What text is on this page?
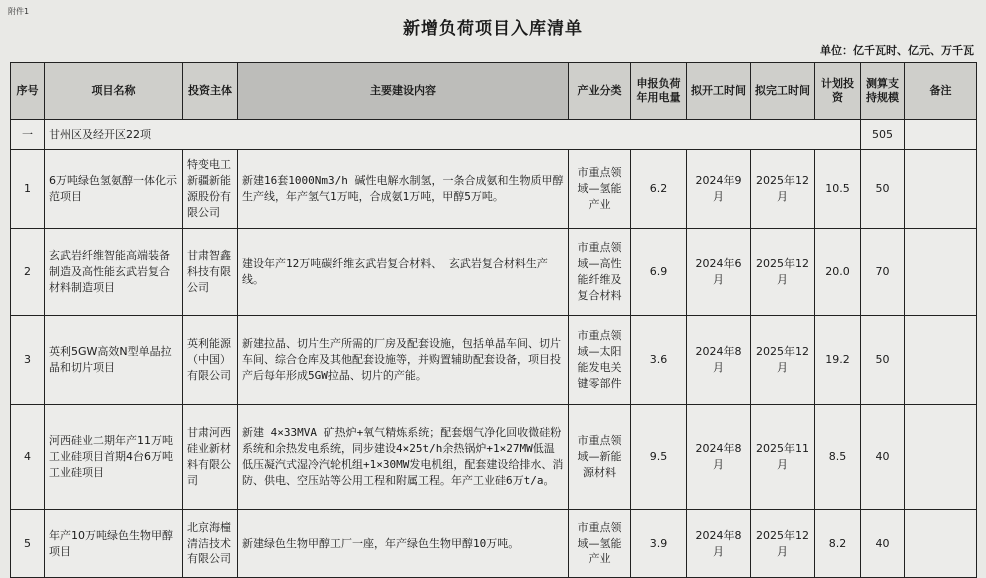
附件1
新增负荷项目入库清单
单位：亿千瓦时、亿元、万千瓦
序号	项目名称	投资主体	主要建设内容	产业分类	申报负荷年用电量	拟开工时间	拟完工时间	计划投资	测算支持规模	备注
一	甘州区及经开区22项								505	
1	6万吨绿色氢氨醇一体化示范项目	特变电工新疆新能源股份有限公司	新建16套1000Nm3/h 碱性电解水制氢，一条合成氨和生物质甲醇生产线，年产氢气1万吨，合成氨1万吨，甲醇5万吨。	市重点领域—氢能产业	6.2	2024年9月	2025年12月	10.5	50	
2	玄武岩纤维智能高端装备制造及高性能玄武岩复合材料制造项目	甘肃智鑫科技有限公司	建设年产12万吨碳纤维玄武岩复合材料、 玄武岩复合材料生产线。	市重点领域—高性能纤维及复合材料	6.9	2024年6月	2025年12月	20.0	70	
3	英利5GW高效N型单晶拉晶和切片项目	英利能源（中国）有限公司	新建拉晶、切片生产所需的厂房及配套设施，包括单晶车间、切片车间、综合仓库及其他配套设施等，并购置辅助配套设备，项目投产后每年形成5GW拉晶、切片的产能。	市重点领域—太阳能发电关键零部件	3.6	2024年8月	2025年12月	19.2	50	
4	河西硅业二期年产11万吨工业硅项目首期4台6万吨工业硅项目	甘肃河西硅业新材料有限公司	新建 4×33MVA 矿热炉+氧气精炼系统；配套烟气净化回收微硅粉系统和余热发电系统，同步建设4×25t/h余热锅炉+1×27MW低温低压凝汽式湿冷汽轮机组+1×30MW发电机组，配套建设给排水、消防、供电、空压站等公用工程和附属工程。年产工业硅6万t/a。	市重点领域—新能源材料	9.5	2024年8月	2025年11月	8.5	40	
5	年产10万吨绿色生物甲醇项目	北京海橦清洁技术有限公司	新建绿色生物甲醇工厂一座，年产绿色生物甲醇10万吨。	市重点领域—氢能产业	3.9	2024年8月	2025年12月	8.2	40	
